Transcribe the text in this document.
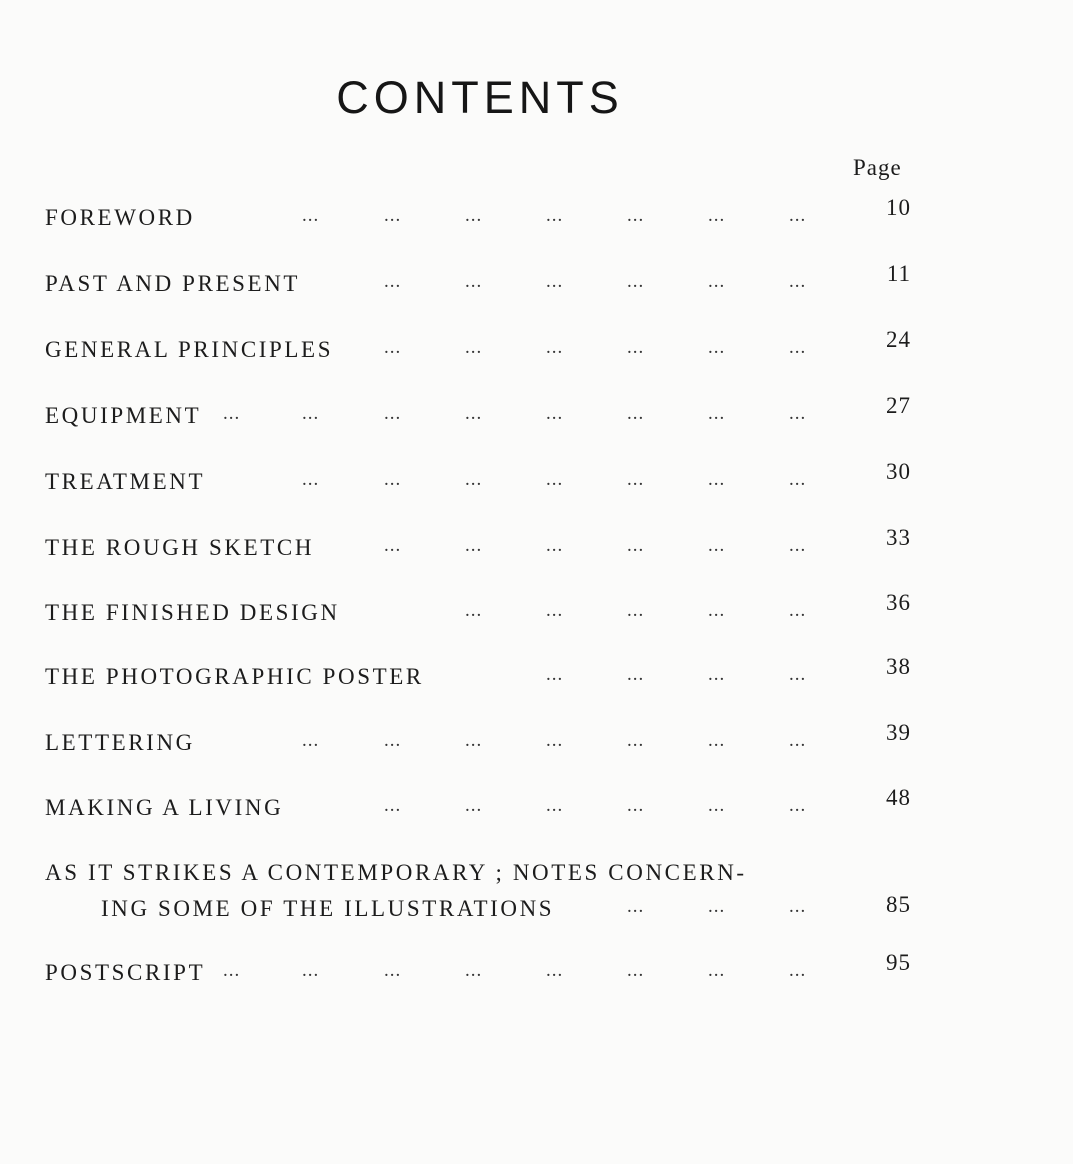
CONTENTS
Page
FOREWORD	...	...	...	...	...	...	...	10
PAST AND PRESENT	...	...	...	...	...	...	11
GENERAL PRINCIPLES	...	...	...	...	...	...	24
EQUIPMENT ...	...	...	...	...	...	...	...	27
TREATMENT	...	...	...	...	...	...	...	30
THE ROUGH SKETCH	...	...	...	...	...	...	33
THE FINISHED DESIGN	...	...	...	...	...	36
THE PHOTOGRAPHIC POSTER	...	...	...	...	38
LETTERING	...	...	...	...	...	...	...	39
MAKING A LIVING	...	...	...	...	...	...	48
AS IT STRIKES A CONTEMPORARY ; NOTES CONCERN-
ING SOME OF THE ILLUSTRATIONS	...	...	...	85
POSTSCRIPT ...	...	...	...	...	...	...	...	95
